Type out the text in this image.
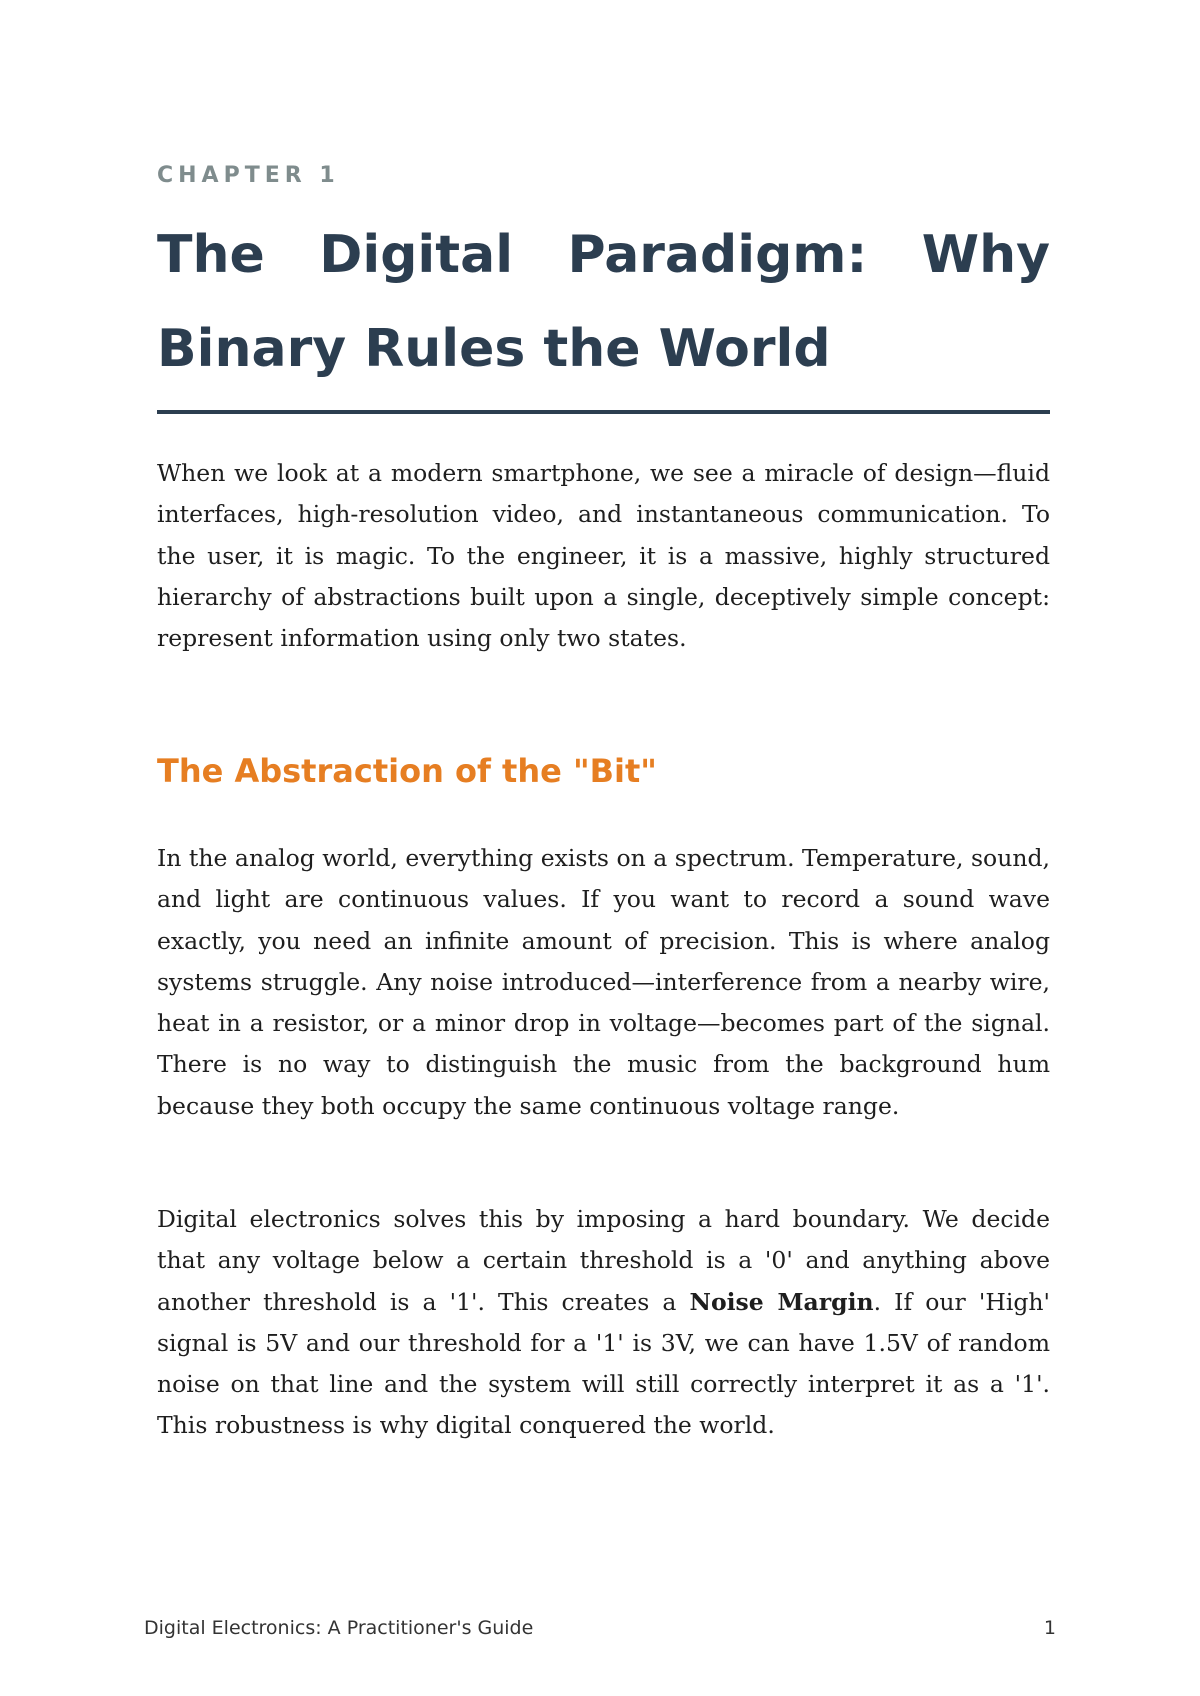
CHAPTER 1
The Digital Paradigm: Why Binary Rules the World

When we look at a modern smartphone, we see a miracle of design—fluid interfaces, high-resolution video, and instantaneous communication. To the user, it is magic. To the engineer, it is a massive, highly structured hierarchy of abstractions built upon a single, deceptively simple concept: represent information using only two states.

The Abstraction of the "Bit"

In the analog world, everything exists on a spectrum. Temperature, sound, and light are continuous values. If you want to record a sound wave exactly, you need an infinite amount of precision. This is where analog systems struggle. Any noise introduced—interference from a nearby wire, heat in a resistor, or a minor drop in voltage—becomes part of the signal. There is no way to distinguish the music from the background hum because they both occupy the same continuous voltage range.

Digital electronics solves this by imposing a hard boundary. We decide that any voltage below a certain threshold is a '0' and anything above another threshold is a '1'. This creates a Noise Margin. If our 'High' signal is 5V and our threshold for a '1' is 3V, we can have 1.5V of random noise on that line and the system will still correctly interpret it as a '1'. This robustness is why digital conquered the world.

Digital Electronics: A Practitioner's Guide	1
